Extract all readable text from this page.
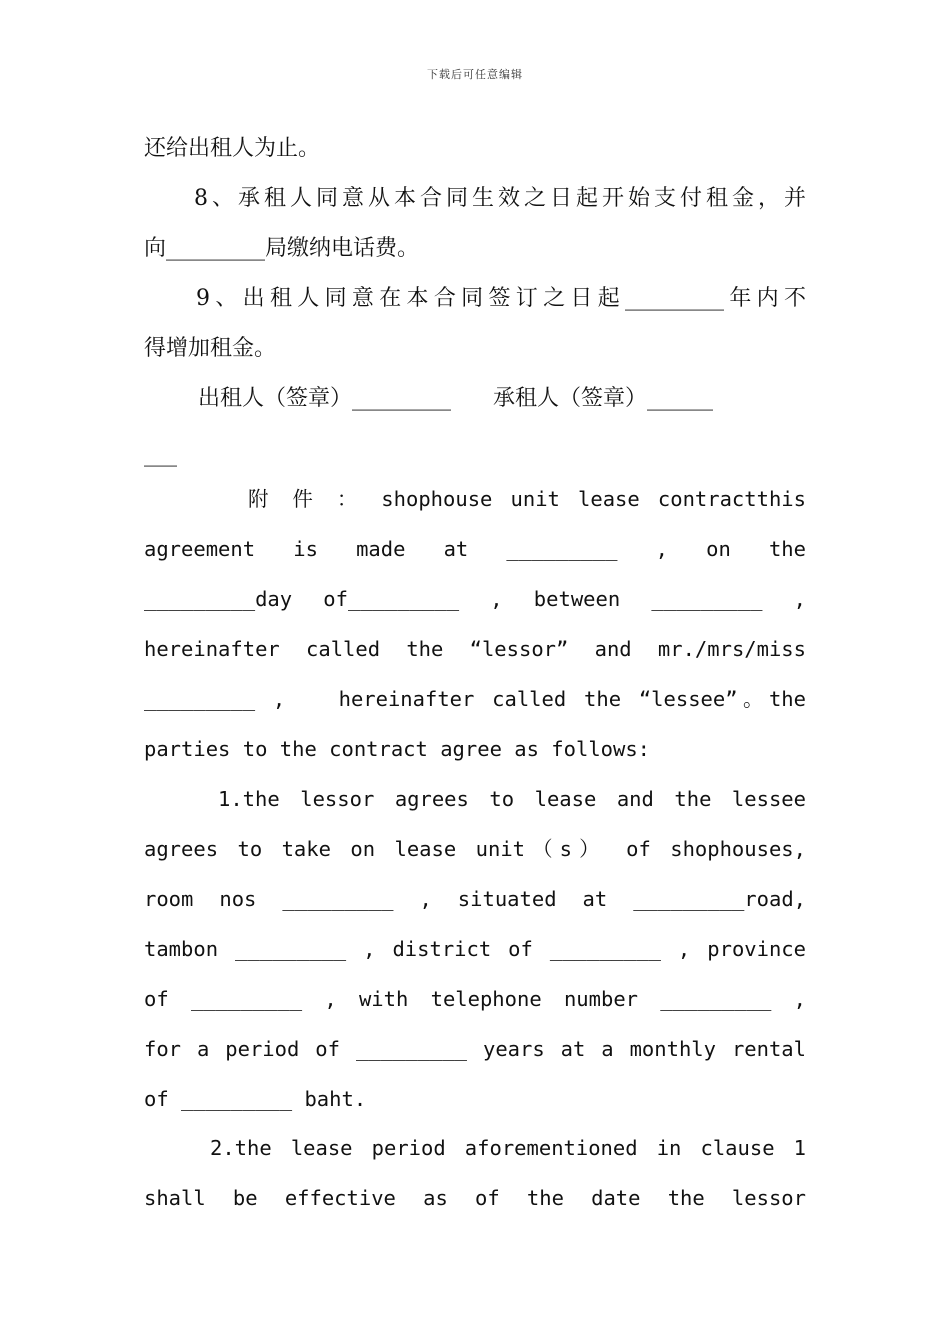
下载后可任意编辑
还给出租人为止。
8、承租人同意从本合同生效之日起开始支付租金，并
向_________局缴纳电话费。
9、出租人同意在本合同签订之日起_________年内不
得增加租金。
出租人（签章）_________      承租人（签章）______
___
附 件 ： shophouse unit lease contractthis
agreement is made at _________ , on the
_________day of_________ , between _________ ,
hereinafter called the “lessor” and mr./mrs/miss
_________ ,   hereinafter called the “lessee”。the
parties to the contract agree as follows:
1.the lessor agrees to lease and the lessee
agrees to take on lease unit（s） of shophouses,
room nos _________ , situated at _________road,
tambon _________ , district of _________ , province
of _________ , with telephone number _________ ,
for a period of _________ years at a monthly rental
of _________ baht.
2.the lease period aforementioned in clause 1
shall be effective as of the date the lessor
